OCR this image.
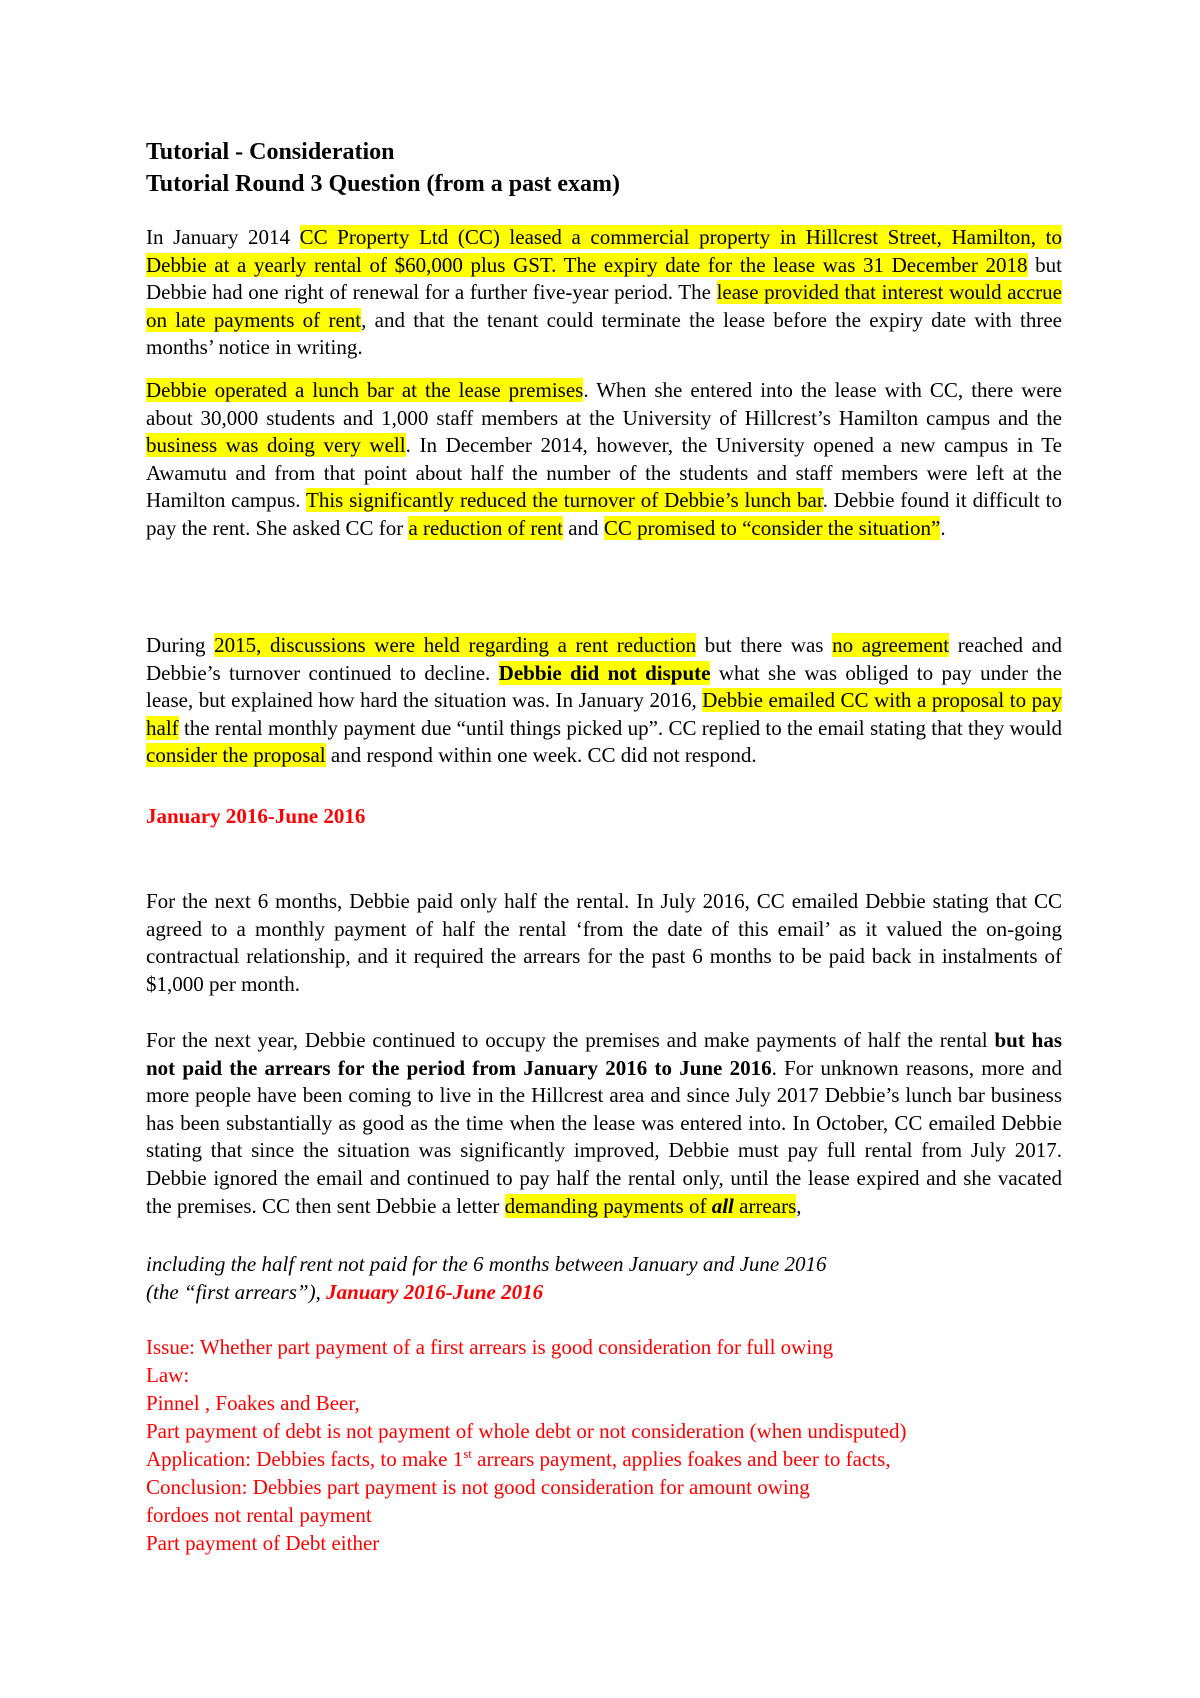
Tutorial - Consideration

Tutorial Round 3 Question (from a past exam)

In January 2014 CC Property Ltd (CC) leased a commercial property in Hillcrest Street, Hamilton, to Debbie at a yearly rental of $60,000 plus GST. The expiry date for the lease was 31 December 2018 but Debbie had one right of renewal for a further five-year period. The lease provided that interest would accrue on late payments of rent, and that the tenant could terminate the lease before the expiry date with three months’ notice in writing.

Debbie operated a lunch bar at the lease premises. When she entered into the lease with CC, there were about 30,000 students and 1,000 staff members at the University of Hillcrest’s Hamilton campus and the business was doing very well. In December 2014, however, the University opened a new campus in Te Awamutu and from that point about half the number of the students and staff members were left at the Hamilton campus. This significantly reduced the turnover of Debbie’s lunch bar. Debbie found it difficult to pay the rent. She asked CC for a reduction of rent and CC promised to “consider the situation”.

During 2015, discussions were held regarding a rent reduction but there was no agreement reached and Debbie’s turnover continued to decline. Debbie did not dispute what she was obliged to pay under the lease, but explained how hard the situation was. In January 2016, Debbie emailed CC with a proposal to pay half the rental monthly payment due “until things picked up”. CC replied to the email stating that they would consider the proposal and respond within one week. CC did not respond.

January 2016-June 2016

For the next 6 months, Debbie paid only half the rental. In July 2016, CC emailed Debbie stating that CC agreed to a monthly payment of half the rental ‘from the date of this email’ as it valued the on-going contractual relationship, and it required the arrears for the past 6 months to be paid back in instalments of $1,000 per month.

For the next year, Debbie continued to occupy the premises and make payments of half the rental but has not paid the arrears for the period from January 2016 to June 2016. For unknown reasons, more and more people have been coming to live in the Hillcrest area and since July 2017 Debbie’s lunch bar business has been substantially as good as the time when the lease was entered into. In October, CC emailed Debbie stating that since the situation was significantly improved, Debbie must pay full rental from July 2017. Debbie ignored the email and continued to pay half the rental only, until the lease expired and she vacated the premises. CC then sent Debbie a letter demanding payments of all arrears,

including the half rent not paid for the 6 months between January and June 2016

(the “first arrears”), January 2016-June 2016

Issue: Whether part payment of a first arrears is good consideration for full owing

Law:

Pinnel , Foakes and Beer,

Part payment of debt is not payment of whole debt or not consideration (when undisputed)

Application: Debbies facts, to make 1st arrears payment, applies foakes and beer to facts,

Conclusion: Debbies part payment is not good consideration for amount owing

fordoes not rental payment

Part payment of Debt either
